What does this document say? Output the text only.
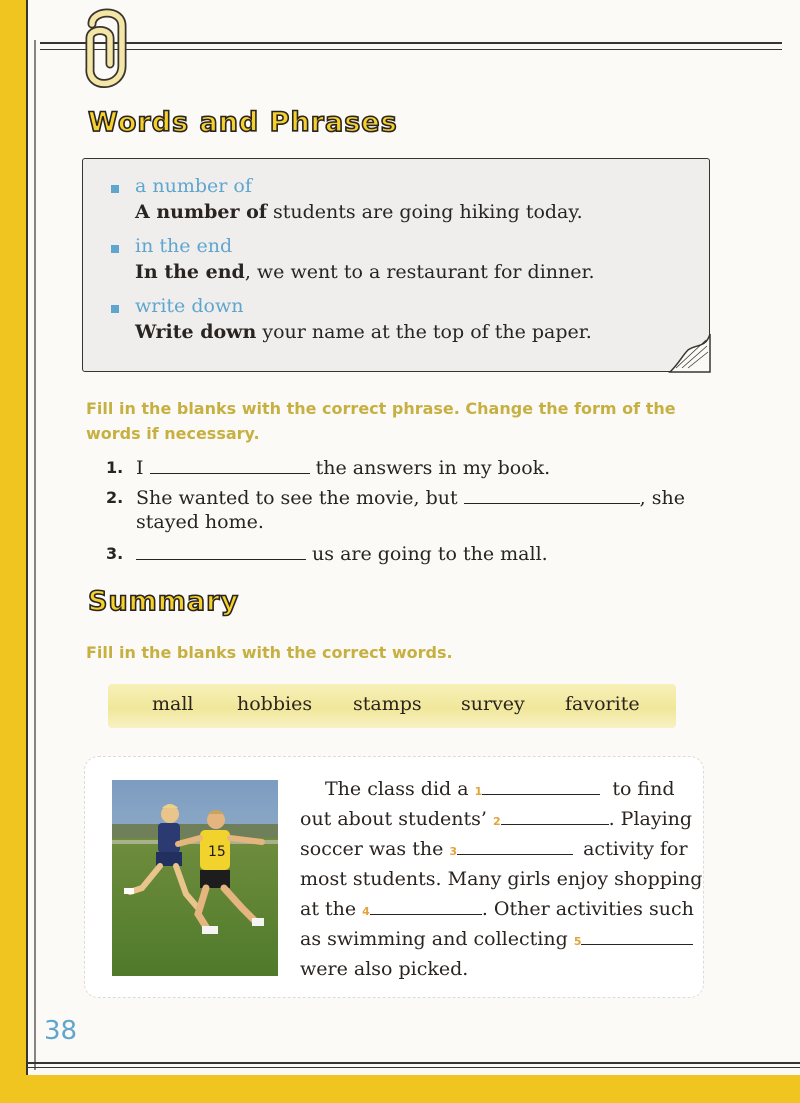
Words and Phrases
a number of
A number of students are going hiking today.
in the end
In the end, we went to a restaurant for dinner.
write down
Write down your name at the top of the paper.
Fill in the blanks with the correct phrase. Change the form of the words if necessary.
1. I	the answers in my book.
2. She wanted to see the movie, but	, she
stayed home.
3.	us are going to the mall.
Summary
Fill in the blanks with the correct words.
mall hobbies stamps survey favorite
15
The class did a 1	to find
out about students’ 2	. Playing
soccer was the 3	activity for
most students. Many girls enjoy shopping
at the 4	. Other activities such
as swimming and collecting 5
were also picked.
38
